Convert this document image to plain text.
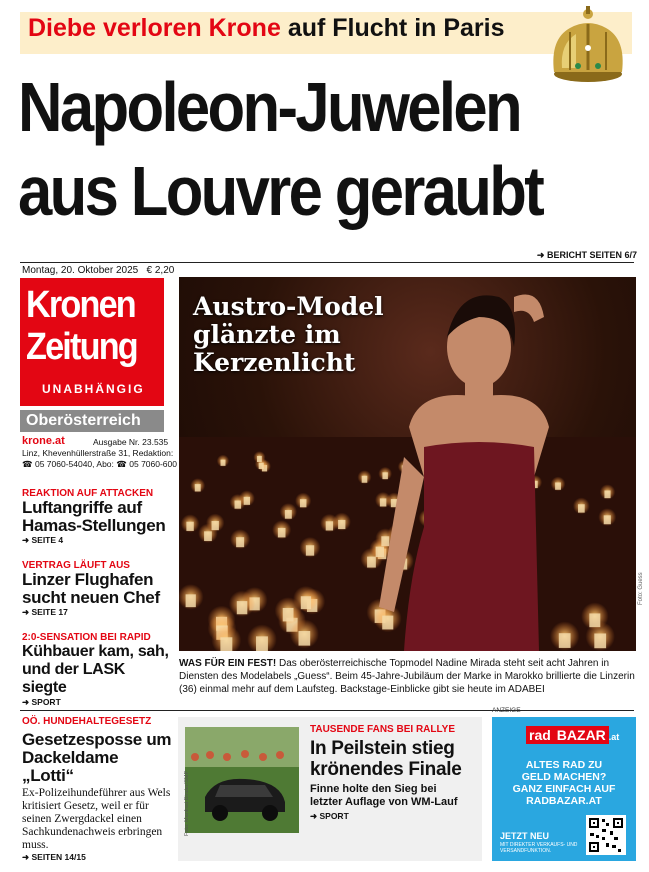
Diebe verloren Krone auf Flucht in Paris
Napoleon-Juwelen
aus Louvre geraubt
➜ BERICHT SEITEN 6/7
Montag, 20. Oktober 2025 € 2,20
Kronen
Zeitung
UNABHÄNGIG
Oberösterreich
krone.at	Ausgabe Nr. 23.535
Linz, Khevenhüllerstraße 31, Redaktion:
☎ 05 7060-54040, Abo: ☎ 05 7060-600
REAKTION AUF ATTACKEN
Luftangriffe auf
Hamas-Stellungen
➜ SEITE 4
VERTRAG LÄUFT AUS
Linzer Flughafen
sucht neuen Chef
➜ SEITE 17
2:0-SENSATION BEI RAPID
Kühbauer kam, sah,
und der LASK siegte
➜ SPORT
Austro-Model
glänzte im
Kerzenlicht
Foto: Guess
WAS FÜR EIN FEST! Das oberösterreichische Topmodel Nadine Mirada steht seit acht Jahren in Diensten des Modelabels „Guess“. Beim 45-Jahre-Jubiläum der Marke in Marokko brillierte die Linzerin (36) einmal mehr auf dem Laufsteg. Backstage-Einblicke gibt sie heute im ADABEI
OÖ. HUNDEHALTEGESETZ
Gesetzesposse um
Dackeldame „Lotti“
Ex-Polizeihundeführer aus Wels kritisiert Gesetz, weil er für seinen Zwergdackel einen Sachkundenachweis erbringen muss.
➜ SEITEN 14/15
Foto: Manfred Binder/SMP
TAUSENDE FANS BEI RALLYE
In Peilstein stieg
krönendes Finale
Finne holte den Sieg bei
letzter Auflage von WM-Lauf
➜ SPORT
ANZEIGE
rad BAZAR .at
ALTES RAD ZU
GELD MACHEN?
GANZ EINFACH AUF
RADBAZAR.AT
JETZT NEU
MIT DIREKTER VERKAUFS- UND VERSANDFUNKTION.
